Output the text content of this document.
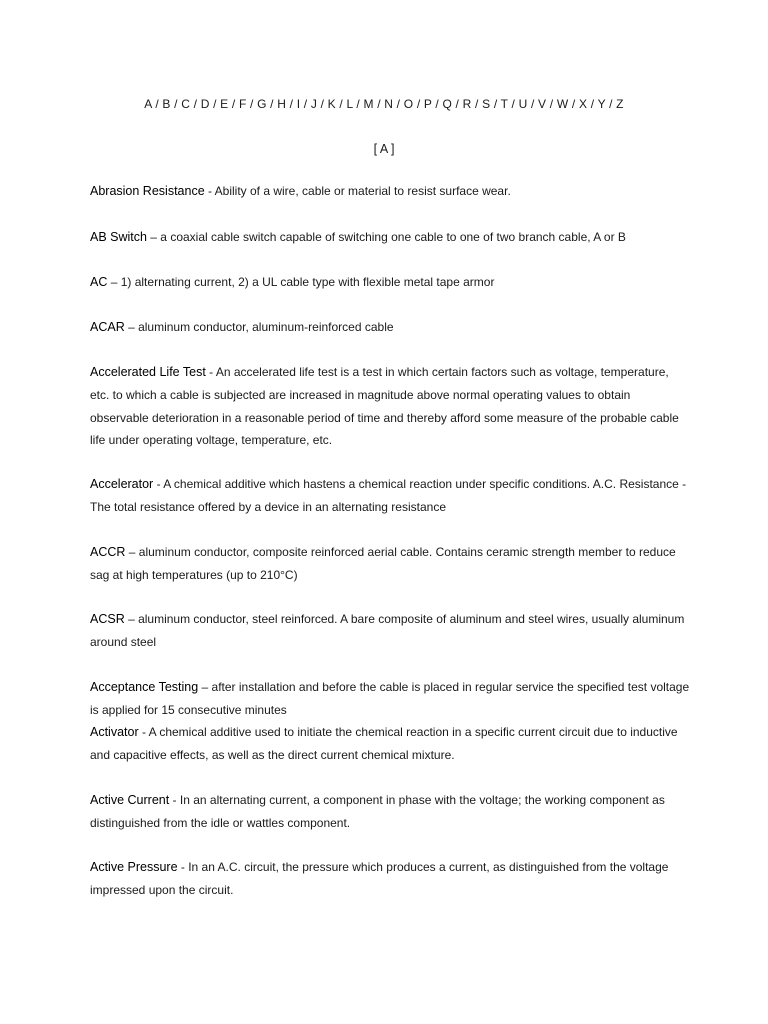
A / B / C / D / E / F / G / H / I / J / K / L / M / N / O / P / Q / R / S / T / U / V / W / X / Y / Z
[ A ]
Abrasion Resistance - Ability of a wire, cable or material to resist surface wear.
AB Switch – a coaxial cable switch capable of switching one cable to one of two branch cable, A or B
AC – 1) alternating current, 2) a UL cable type with flexible metal tape armor
ACAR – aluminum conductor, aluminum-reinforced cable
Accelerated Life Test - An accelerated life test is a test in which certain factors such as voltage, temperature, etc. to which a cable is subjected are increased in magnitude above normal operating values to obtain observable deterioration in a reasonable period of time and thereby afford some measure of the probable cable life under operating voltage, temperature, etc.
Accelerator - A chemical additive which hastens a chemical reaction under specific conditions. A.C. Resistance - The total resistance offered by a device in an alternating resistance
ACCR – aluminum conductor, composite reinforced aerial cable. Contains ceramic strength member to reduce sag at high temperatures (up to 210°C)
ACSR – aluminum conductor, steel reinforced. A bare composite of aluminum and steel wires, usually aluminum around steel
Acceptance Testing – after installation and before the cable is placed in regular service the specified test voltage is applied for 15 consecutive minutes
Activator - A chemical additive used to initiate the chemical reaction in a specific current circuit due to inductive and capacitive effects, as well as the direct current chemical mixture.
Active Current - In an alternating current, a component in phase with the voltage; the working component as distinguished from the idle or wattles component.
Active Pressure - In an A.C. circuit, the pressure which produces a current, as distinguished from the voltage impressed upon the circuit.
